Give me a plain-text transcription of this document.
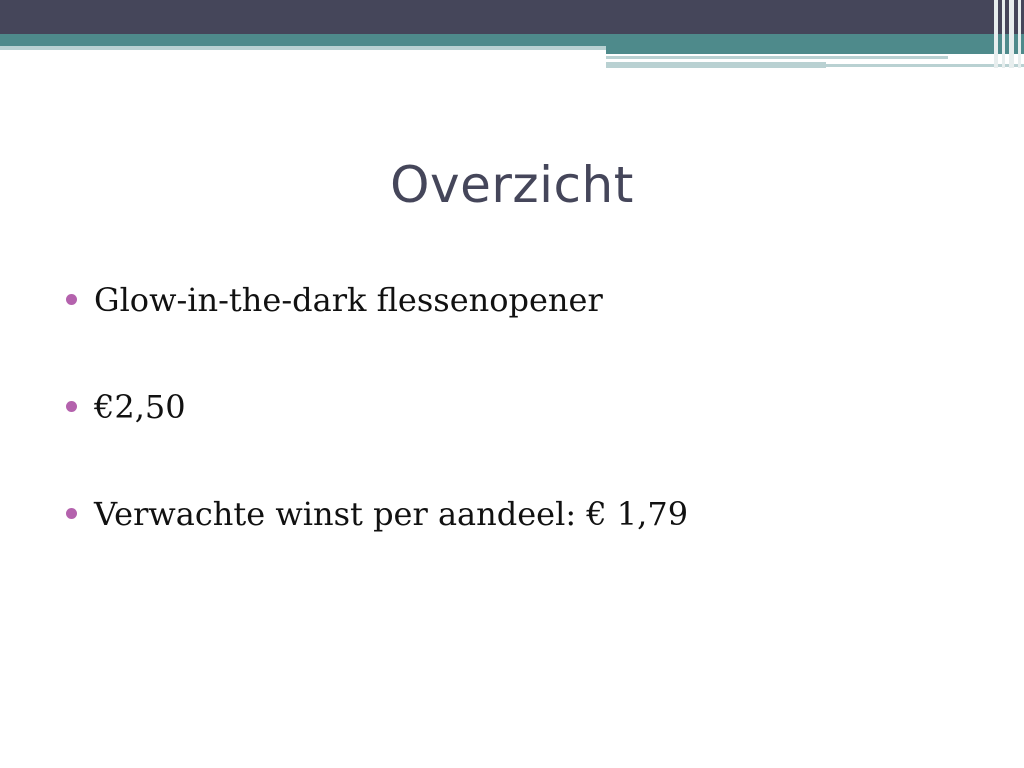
Overzicht
Glow-in-the-dark flessenopener
€2,50
Verwachte winst per aandeel: € 1,79
